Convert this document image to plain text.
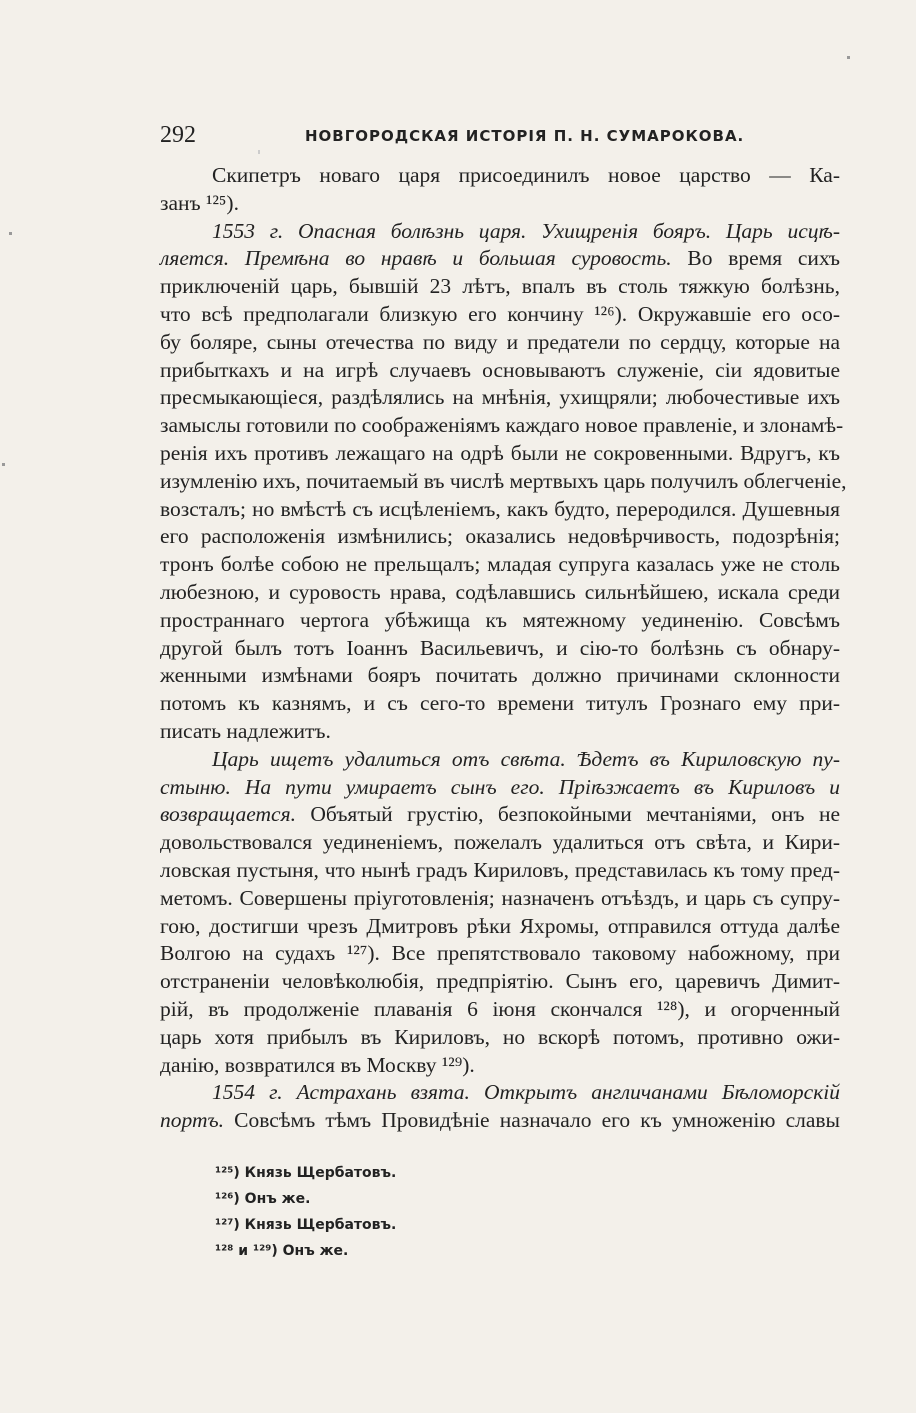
292	НОВГОРОДСКАЯ ИСТОРIЯ П. Н. СУМАРОКОВА.
Скипетръ новаго царя присоединилъ новое царство — Ка-
занъ ¹²⁵).
1553 г. Опасная болѣзнь царя. Ухищренія бояръ. Царь исцѣ-
ляется. Премѣна во нравѣ и большая суровость. Во время сихъ
приключеній царь, бывшій 23 лѣтъ, впалъ въ столь тяжкую болѣзнь,
что всѣ предполагали близкую его кончину ¹²⁶). Окружавшіе его осо-
бу боляре, сыны отечества по виду и предатели по сердцу, которые на
прибыткахъ и на игрѣ случаевъ основываютъ служеніе, сіи ядовитые
пресмыкающіеся, раздѣлялись на мнѣнія, ухищряли; любочестивые ихъ
замыслы готовили по соображеніямъ каждаго новое правленіе, и злонамѣ-
ренія ихъ противъ лежащаго на одрѣ были не сокровенными. Вдругъ, къ
изумленію ихъ, почитаемый въ числѣ мертвыхъ царь получилъ облегченіе,
возсталъ; но вмѣстѣ съ исцѣленіемъ, какъ будто, переродился. Душевныя
его расположенія измѣнились; оказались недовѣрчивость, подозрѣнія;
тронъ болѣе собою не прельщалъ; младая супруга казалась уже не столь
любезною, и суровость нрава, содѣлавшись сильнѣйшею, искала среди
пространнаго чертога убѣжища къ мятежному уединенію. Совсѣмъ
другой былъ тотъ Іоаннъ Васильевичъ, и сію-то болѣзнь съ обнару-
женными измѣнами бояръ почитать должно причинами склонности
потомъ къ казнямъ, и съ сего-то времени титулъ Грознаго ему при-
писать надлежитъ.
Царь ищетъ удалиться отъ свѣта. Ѣдетъ въ Кириловскую пу-
стыню. На пути умираетъ сынъ его. Пріѣзжаетъ въ Кириловъ и
возвращается. Объятый грустію, безпокойными мечтаніями, онъ не
довольствовался уединеніемъ, пожелалъ удалиться отъ свѣта, и Кири-
ловская пустыня, что нынѣ градъ Кириловъ, представилась къ тому пред-
метомъ. Совершены пріуготовленія; назначенъ отъѣздъ, и царь съ супру-
гою, достигши чрезъ Дмитровъ рѣки Яхромы, отправился оттуда далѣе
Волгою на судахъ ¹²⁷). Все препятствовало таковому набожному, при
отстраненіи человѣколюбія, предпріятію. Сынъ его, царевичъ Димит-
рій, въ продолженіе плаванія 6 іюня скончался ¹²⁸), и огорченный
царь хотя прибылъ въ Кириловъ, но вскорѣ потомъ, противно ожи-
данію, возвратился въ Москву ¹²⁹).
1554 г. Астрахань взята. Открытъ англичанами Бѣломорскій
портъ. Совсѣмъ тѣмъ Провидѣніе назначало его къ умноженію славы
¹²⁵) Князь Щербатовъ.
¹²⁶) Онъ же.
¹²⁷) Князь Щербатовъ.
¹²⁸ и ¹²⁹) Онъ же.
